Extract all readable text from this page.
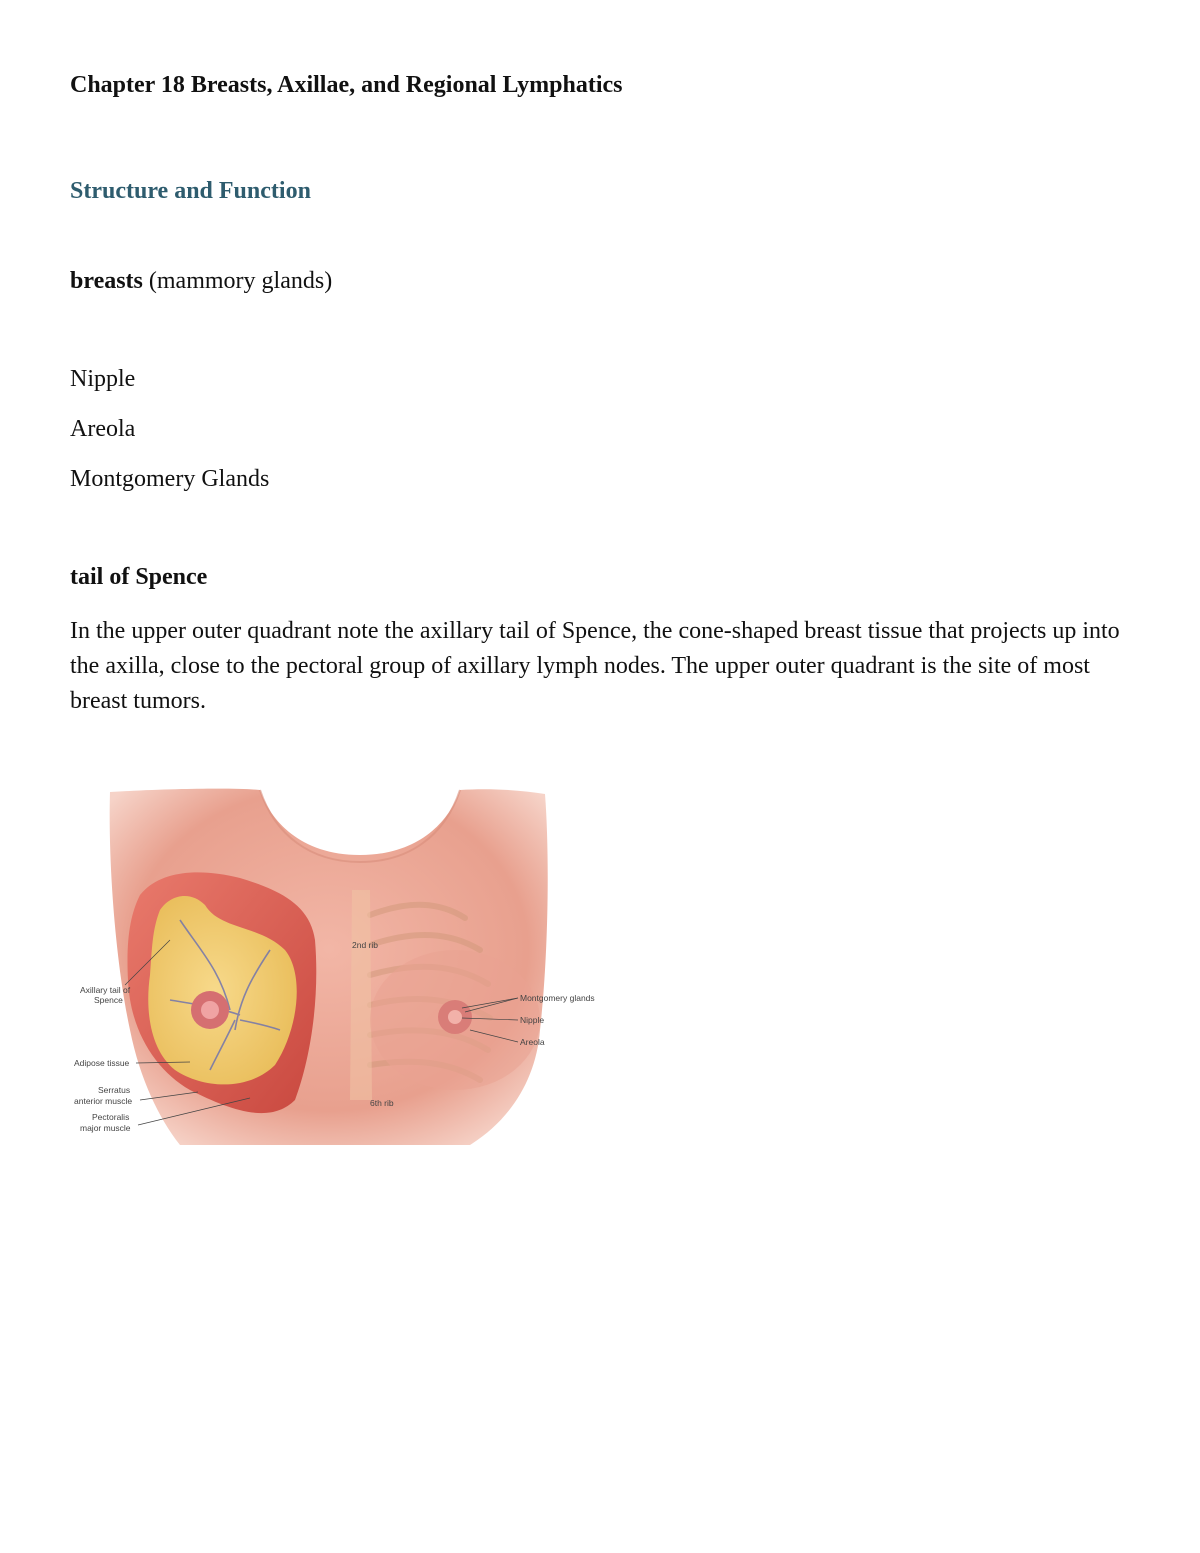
Chapter 18 Breasts, Axillae, and Regional Lymphatics
Structure and Function

breasts (mammory glands)

Nipple

Areola

Montgomery Glands

tail of Spence

In the upper outer quadrant note the axillary tail of Spence, the cone-shaped breast tissue that projects up into the axilla, close to the pectoral group of axillary lymph nodes. The upper outer quadrant is the site of most breast tumors.

2nd rib
6th rib
Montgomery glands
Nipple
Areola
Axillary tail of
Spence
Adipose tissue
Serratus
anterior muscle
Pectoralis
major muscle
